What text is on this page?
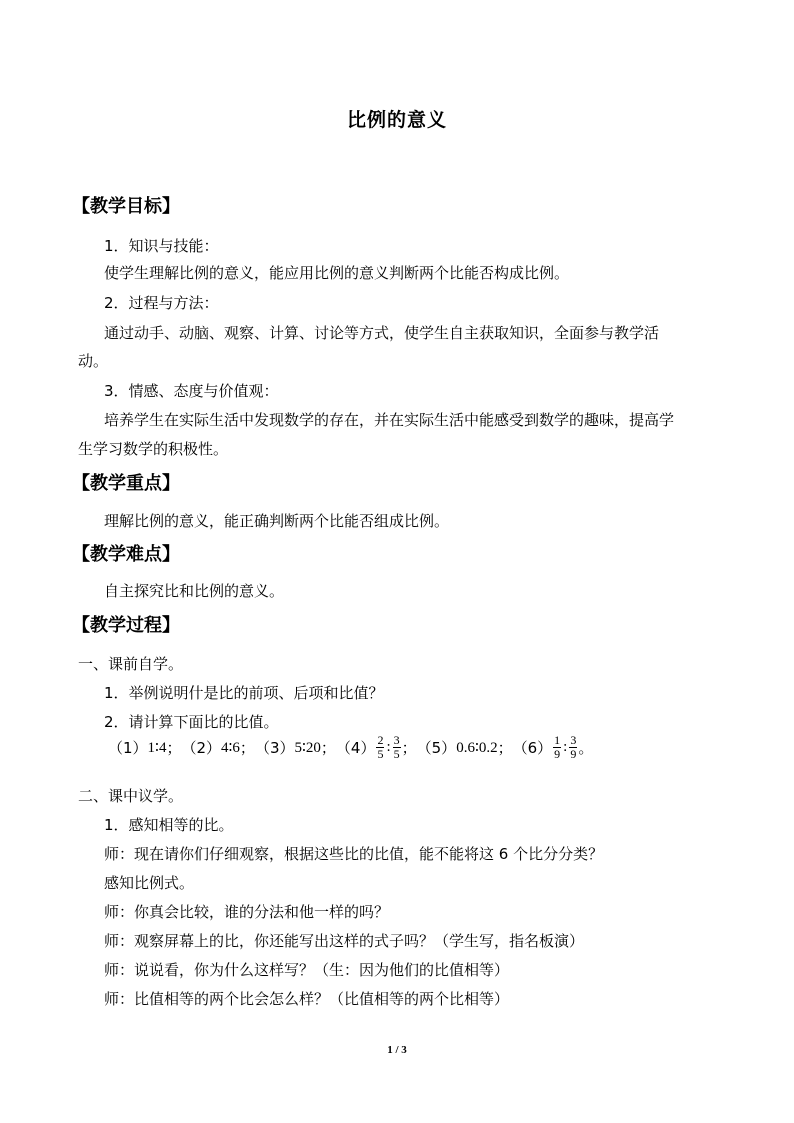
比例的意义
【教学目标】
1．知识与技能：
使学生理解比例的意义，能应用比例的意义判断两个比能否构成比例。
2．过程与方法：
通过动手、动脑、观察、计算、讨论等方式，使学生自主获取知识，全面参与教学活
动。
3．情感、态度与价值观：
培养学生在实际生活中发现数学的存在，并在实际生活中能感受到数学的趣味，提高学
生学习数学的积极性。
【教学重点】
理解比例的意义，能正确判断两个比能否组成比例。
【教学难点】
自主探究比和比例的意义。
【教学过程】
一、课前自学。
1．举例说明什是比的前项、后项和比值？
2．请计算下面比的比值。
（1） 1∶4 ； （2） 4∶6 ； （3） 5∶20 ； $(4) \frac{2}{5}$ : $\frac{3}{5}$ ； （5） 0.6∶0.2 ； $(6) \frac{1}{9}$ : $\frac{3}{9}$ 。
二、课中议学。
1．感知相等的比。
师：现在请你们仔细观察，根据这些比的比值，能不能将这 6 个比分分类？
感知比例式。
师：你真会比较，谁的分法和他一样的吗？
师：观察屏幕上的比，你还能写出这样的式子吗？（学生写，指名板演）
师：说说看，你为什么这样写？（生：因为他们的比值相等）
师：比值相等的两个比会怎么样？（比值相等的两个比相等）
1 / 3
